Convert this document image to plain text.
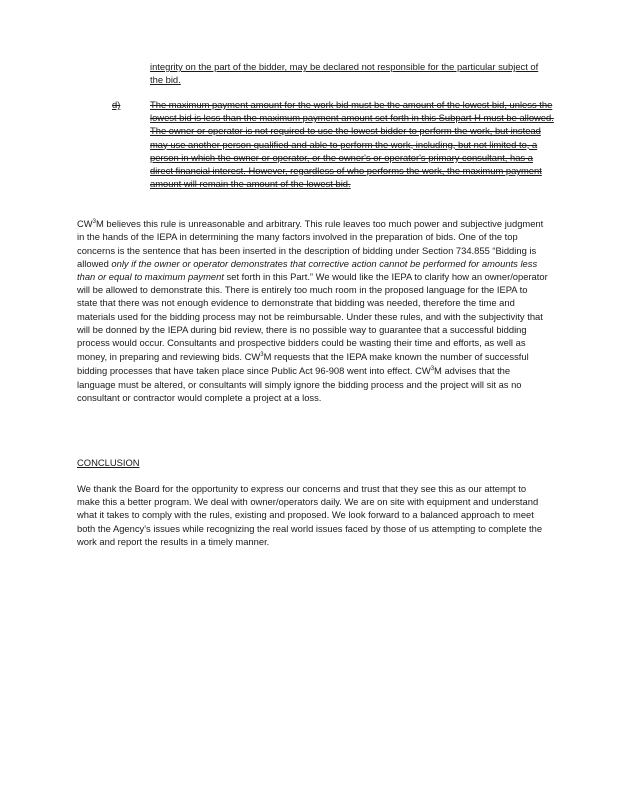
integrity on the part of the bidder, may be declared not responsible for the particular subject of the bid.

d)	The maximum payment amount for the work bid must be the amount of the lowest bid, unless the lowest bid is less than the maximum payment amount set forth in this Subpart H must be allowed. The owner or operator is not required to use the lowest bidder to perform the work, but instead may use another person qualified and able to perform the work, including, but not limited to, a person in which the owner or operator, or the owner's or operator's primary consultant, has a direct financial interest. However, regardless of who performs the work, the maximum payment amount will remain the amount of the lowest bid.

$CW^3M$ believes this rule is unreasonable and arbitrary. This rule leaves too much power and subjective judgment in the hands of the IEPA in determining the many factors involved in the preparation of bids. One of the top concerns is the sentence that has been inserted in the description of bidding under Section 734.855 “Bidding is allowed only if the owner or operator demonstrates that corrective action cannot be performed for amounts less than or equal to maximum payment set forth in this Part.” We would like the IEPA to clarify how an owner/operator will be allowed to demonstrate this. There is entirely too much room in the proposed language for the IEPA to state that there was not enough evidence to demonstrate that bidding was needed, therefore the time and materials used for the bidding process may not be reimbursable. Under these rules, and with the subjectivity that will be donned by the IEPA during bid review, there is no possible way to guarantee that a successful bidding process would occur. Consultants and prospective bidders could be wasting their time and efforts, as well as money, in preparing and reviewing bids. $CW^3M$ requests that the IEPA make known the number of successful bidding processes that have taken place since Public Act 96-908 went into effect. $CW^3M$ advises that the language must be altered, or consultants will simply ignore the bidding process and the project will sit as no consultant or contractor would complete a project at a loss.

CONCLUSION

We thank the Board for the opportunity to express our concerns and trust that they see this as our attempt to make this a better program. We deal with owner/operators daily. We are on site with equipment and understand what it takes to comply with the rules, existing and proposed. We look forward to a balanced approach to meet both the Agency's issues while recognizing the real world issues faced by those of us attempting to complete the work and report the results in a timely manner.
